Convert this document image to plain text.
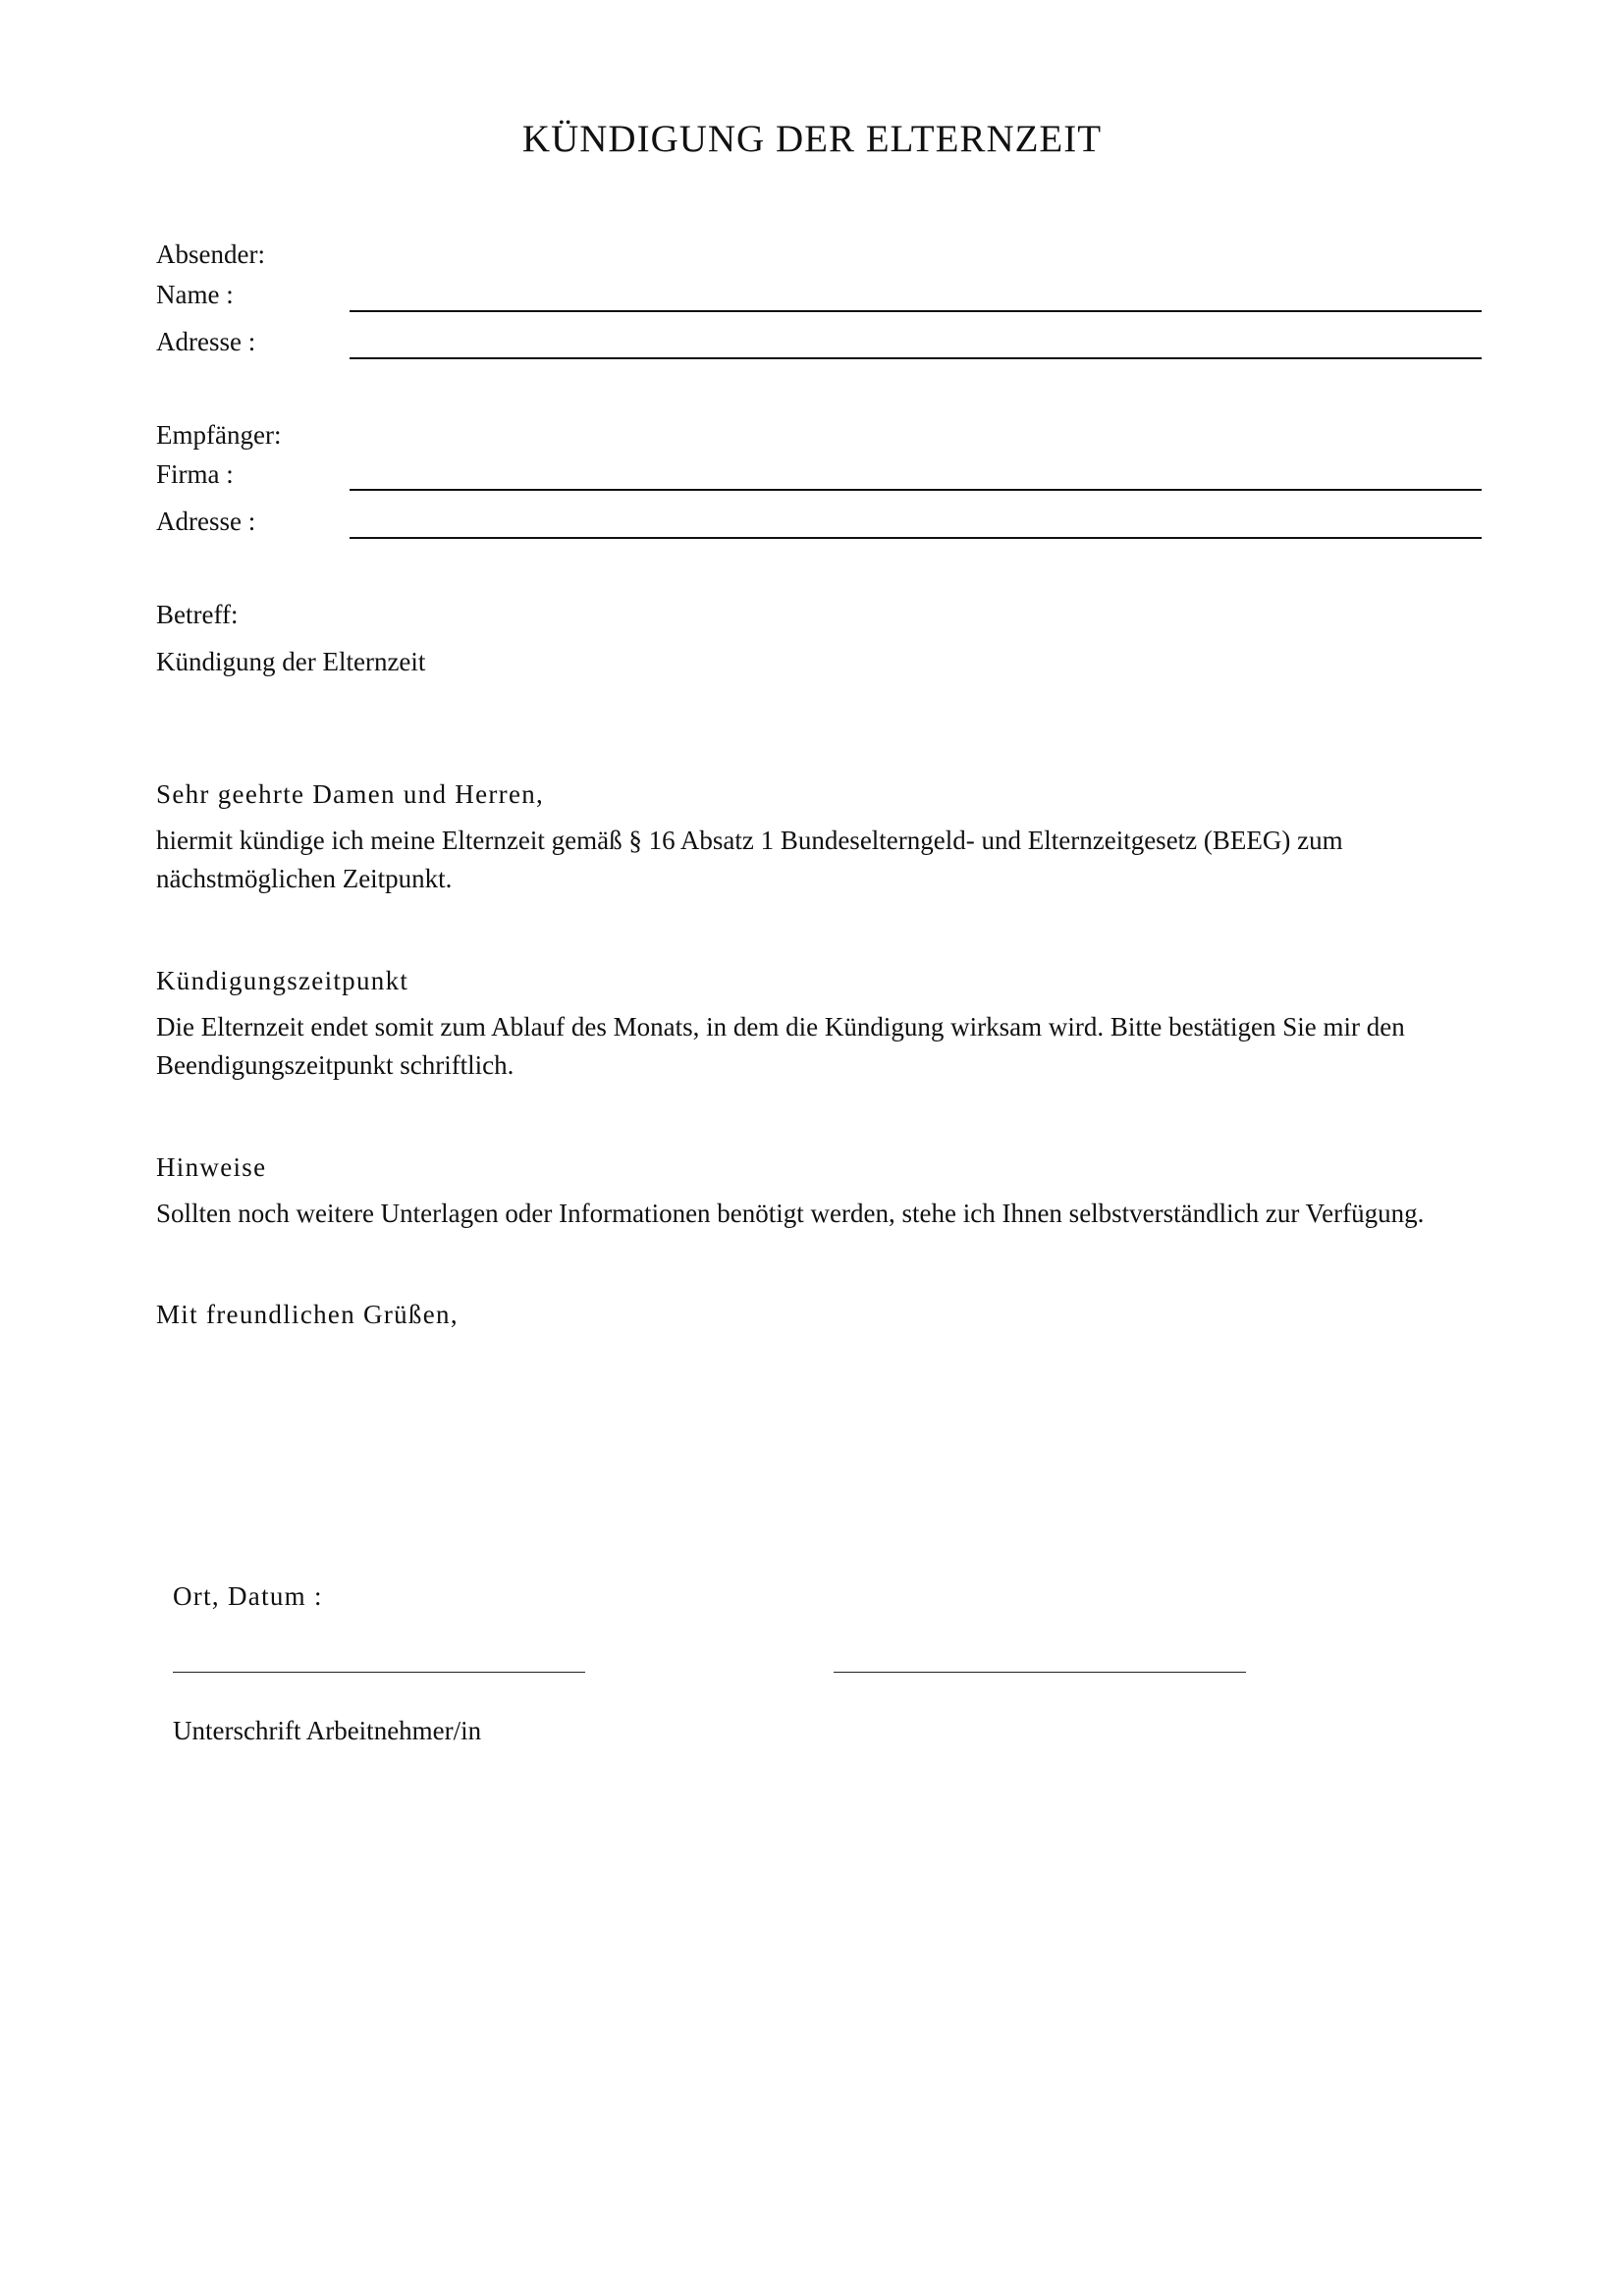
KÜNDIGUNG DER ELTERNZEIT
Absender:
Name :
Adresse :
Empfänger:
Firma :
Adresse :
Betreff:
Kündigung der Elternzeit
Sehr geehrte Damen und Herren,
hiermit kündige ich meine Elternzeit gemäß § 16 Absatz 1 Bundeselterngeld- und Elternzeitgesetz (BEEG) zum
nächstmöglichen Zeitpunkt.
Kündigungszeitpunkt
Die Elternzeit endet somit zum Ablauf des Monats, in dem die Kündigung wirksam wird. Bitte bestätigen Sie mir den
Beendigungszeitpunkt schriftlich.
Hinweise
Sollten noch weitere Unterlagen oder Informationen benötigt werden, stehe ich Ihnen selbstverständlich zur Verfügung.
Mit freundlichen Grüßen,
Ort, Datum :
Unterschrift Arbeitnehmer/in
